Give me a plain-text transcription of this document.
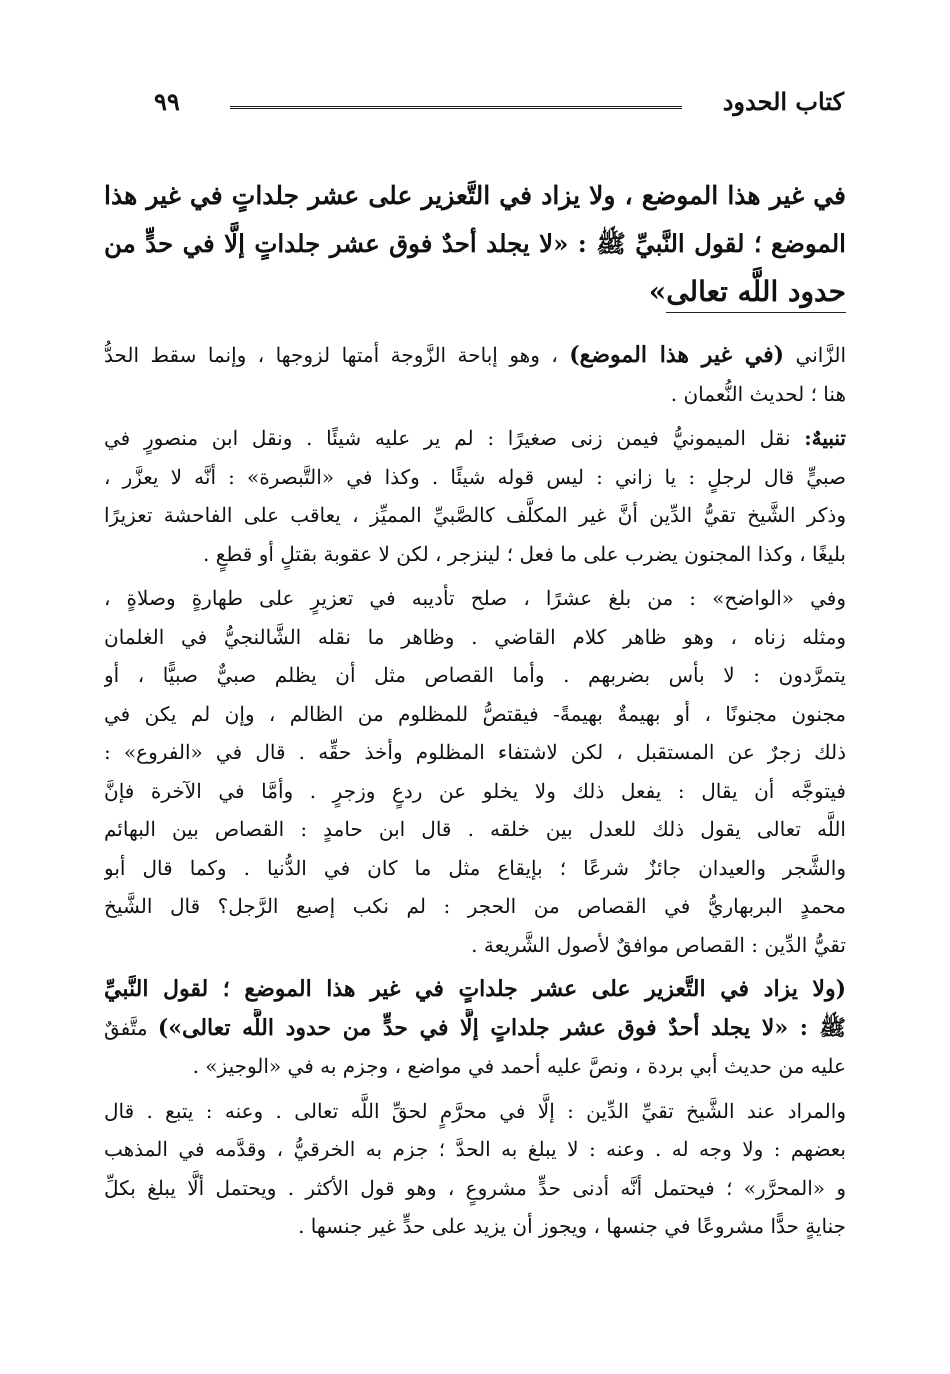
كتاب الحدود
٩٩
في غير هذا الموضع ، ولا يزاد في التَّعزير على عشر جلداتٍ في غير هذا
الموضع ؛ لقول النَّبيِّ ﷺ : «لا يجلد أحدٌ فوق عشر جلداتٍ إلَّا في حدٍّ من
حدود اللَّه تعالى»

الزَّاني (في غير هذا الموضع) ، وهو إباحة الزَّوجة أمتها لزوجها ، وإنما سقط الحدُّ
هنا ؛ لحديث النُّعمان .

تنبيهٌ: نقل الميمونيُّ فيمن زنى صغيرًا : لم ير عليه شيئًا . ونقل ابن منصورٍ في
صبيٍّ قال لرجلٍ : يا زاني : ليس قوله شيئًا . وكذا في «التَّبصرة» : أنَّه لا يعزَّر ،
وذكر الشَّيخ تقيُّ الدِّين أنَّ غير المكلَّف كالصَّبيِّ المميِّز ، يعاقب على الفاحشة تعزيرًا
بليغًا ، وكذا المجنون يضرب على ما فعل ؛ لينزجر ، لكن لا عقوبة بقتلٍ أو قطعٍ .

وفي «الواضح» : من بلغ عشرًا ، صلح تأديبه في تعزيرٍ على طهارةٍ وصلاةٍ ،
ومثله زناه ، وهو ظاهر كلام القاضي . وظاهر ما نقله الشَّالنجيُّ في الغلمان
يتمرَّدون : لا بأس بضربهم . وأما القصاص مثل أن يظلم صبيٌّ صبيًّا ، أو
مجنون مجنونًا ، أو بهيمةٌ بهيمةً- فيقتصُّ للمظلوم من الظالم ، وإن لم يكن في
ذلك زجرٌ عن المستقبل ، لكن لاشتفاء المظلوم وأخذ حقِّه . قال في «الفروع» :
فيتوجَّه أن يقال : يفعل ذلك ولا يخلو عن ردعٍ وزجرٍ . وأمَّا في الآخرة فإنَّ
اللَّه تعالى يقول ذلك للعدل بين خلقه . قال ابن حامدٍ : القصاص بين البهائم
والشَّجر والعيدان جائزٌ شرعًا ؛ بإيقاع مثل ما كان في الدُّنيا . وكما قال أبو
محمدٍ البربهاريُّ في القصاص من الحجر : لم نكب إصبع الرَّجل؟ قال الشَّيخ
تقيُّ الدِّين : القصاص موافقٌ لأصول الشَّريعة .

(ولا يزاد في التَّعزير على عشر جلداتٍ في غير هذا الموضع ؛ لقول النَّبيِّ
ﷺ : «لا يجلد أحدٌ فوق عشر جلداتٍ إلَّا في حدٍّ من حدود اللَّه تعالى») متَّفقٌ
عليه من حديث أبي بردة ، ونصَّ عليه أحمد في مواضع ، وجزم به في «الوجيز» .

والمراد عند الشَّيخ تقيِّ الدِّين : إلَّا في محرَّمٍ لحقِّ اللَّه تعالى . وعنه : يتبع . قال
بعضهم : ولا وجه له . وعنه : لا يبلغ به الحدَّ ؛ جزم به الخرقيُّ ، وقدَّمه في المذهب
و «المحرَّر» ؛ فيحتمل أنَّه أدنى حدٍّ مشروعٍ ، وهو قول الأكثر . ويحتمل ألَّا يبلغ بكلِّ
جنايةٍ حدًّا مشروعًا في جنسها ، ويجوز أن يزيد على حدٍّ غير جنسها .
